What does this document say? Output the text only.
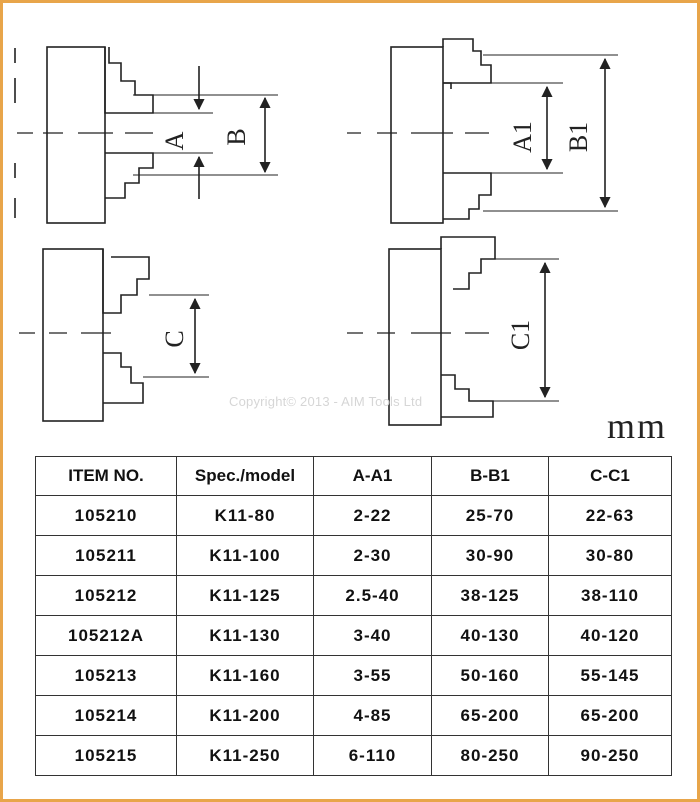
A B
C
A1 B1
C1
Copyright© 2013 - AIM Tools Ltd
mm
ITEM NO.	Spec./model	A-A1	B-B1	C-C1
105210	K11-80	2-22	25-70	22-63
105211	K11-100	2-30	30-90	30-80
105212	K11-125	2.5-40	38-125	38-110
105212A	K11-130	3-40	40-130	40-120
105213	K11-160	3-55	50-160	55-145
105214	K11-200	4-85	65-200	65-200
105215	K11-250	6-110	80-250	90-250
